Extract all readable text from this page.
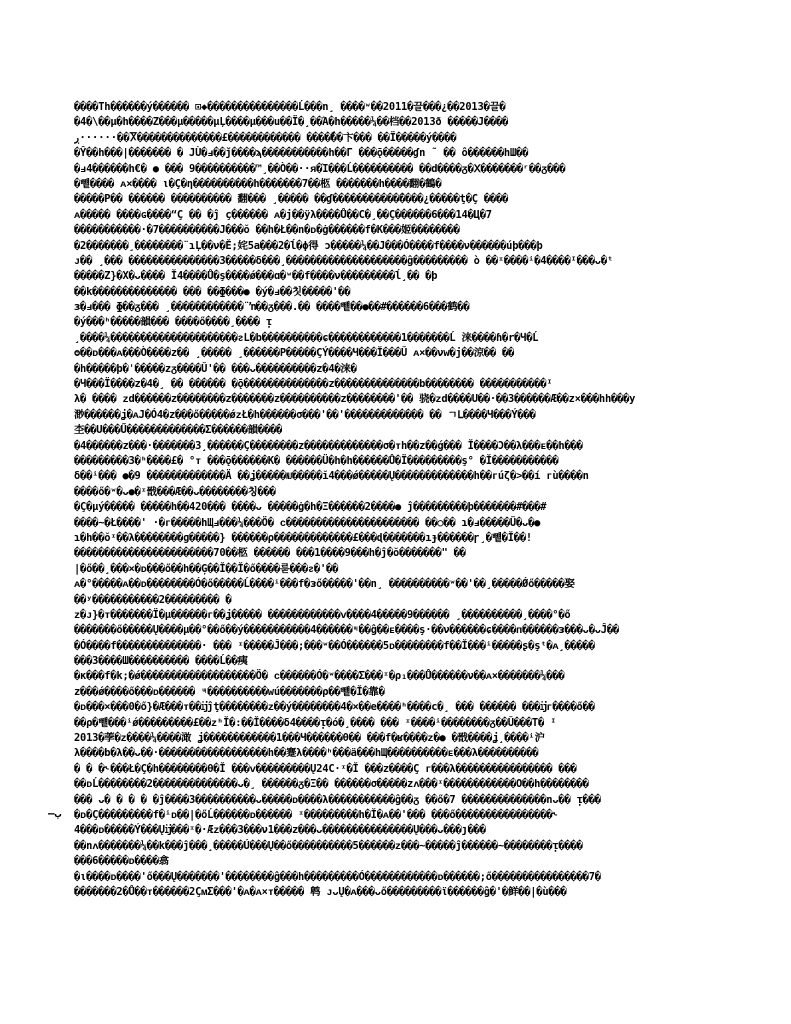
����Th������ý������ ⊡◆���������������Ĺ���n¸ ����ʷ��2011�끌���¿��2013�끌�
�4�\��µ�h����Ζ���µ�����µĻ����µ���u��Ï�¸��Ά�h�����¼��档��2013ð �����J����
ڔ······��Ⴟ��������������£������������ ����ٗ��卞��� ��Ï�����ý����
�Ŷ��h���|������� � JÙ�ⅎ��ǰ����ϡ�����������h��Γ ���ǭ�����ɠn ˜ �� ô������hШ��
�ⅎ4������h€� ● ��� 9����������™¸��Ò��··ᴙ�Ί���Ĺ���������� ��d����ᵹ�Ⅹ�������ʳ��ᵹ���
�뻍���� ᴀ×���� ι�Ç�η����������h�������7��柩 �������h����翻�鶴�
�����P�� ������ ���������� 翻��� ¸����� ��ɠ�����������̃����¿�����ţ�Ç ����
ᴀ����� ����ɢ����“Ç �� �ĵ ҫ������ ᴀ�j��ÿλ����Ů��C�¸��Ç������6���14�Ц�7
�����������·�7����������J���ŏ ��h�Ł��n�ᴅ�ġ������f�K���姬��������
�2�������¸��������¨ɿĻ��ν�Ĕ;姹5a���2�ĺ�ϕ得 ɔ�����¼��J���Ó����f����ν������úþ���þ
ᴊ�� ¸��� ���������������3�����δ���¸��������������������ĝ��������� ò ��ᶦ����ⁱ�4����ᴵ���ᴗ�ᵗ
�����Ζ}�Χ�ᴗ���� Ĭ4����Ů�ş����ǿ���ɑ�ʷ��f����ν���������ĺ¸�� �þ
��k�������������� ��� ��ɸ���● �ý�ⅎ��칫�����'��
ɜ�ⅎ��� ɸ��ᵹ��� ¸������������¨ŉ��ᵹ���.�� ����뻍��●��#������6���鹤��
�ý���ʰ�����韻��� ����ő����¸���� ᴉ
¸����¼���������������������ᴤL�b����������ɕ������������1�������Ĺ 涞����ɦ�r�Ч�Ĺ
ʘ��ᴅ���ᴀ���Ò����z�� ¸����� ¸������P�����ÇÝ����Ч���Ĭ���Ŭ ᴀ×��νw�j��涼�� ��
�h�����þ�ˈ�����zᵹ����Ŭ'�� ���ᴗ����������z�4�涞�
�Ч���Ϊ����z�4�¸ �� ������ �ǭ��������������z��������������b�������� �����������ᴵ
λ� ���� ᴢd������z��������z�������z����������z��������'�� 骁�ᴢd����U��·��3������Æ��z×���hh���y
渺������ʝ�ᴀJ�Ó4�z���ő�����ǿᴢŁ�h������σ���'��'������������� �� ㄱⅬ����Ч���Ý���
杢��U���Ű�������������Σ������韻����
�4������z���·�������3¸������Ç��������z�������������σ�ᴛh��z��ǵ��� Ĭ����Ɔ��λ���ᴇ��h���
���������3�ʰ����£� °ᴛ ���ǭ������K� ������Ü�h�h������Ů�Ï���������ş° �Ĭ�����������
δ��ⁱ��� ●�9 �������������Ӓ ��ʝ�����Ǌ�����ĭ4���ǿ�����Ų�������������h��ᴦúζ�˃��í ᴦù����n
����ő�ʷ�ᴗ●�ᶦ戩���Æ��ᴗ��������칭���
�Ç�µý����� �����h��420��� ����ᴗ �����ġ�h�Ξ������2����● ĵ���������þ�������#���#
����~�Ł����' ·�ᴦ�����hЩⅎ���¼���Ö� ᴄ���������������������� ��○�� ɿ�ⅎ�����Ü�ᴗ�●
ɿ�h��ŏᶦ��λ��������ɡ�����} ������ρ�������������£���ɖ�������ıɟ������ɼ¸�뻍�Ĭ��!
�����������������������70��柩 ������ ���1����9���h�ĵ�ŏ�������" ��
|�ő��¸���×�ᴅ���ő��h��Ģ��Ĭ��Ĭ�ő����룯���ᴤ�'��
ᴀ�°�����ᴀ��ᴅ��������Ó�ő�����Ĺ����ⁱ���f�ᴈő�����'��n¸ ����������ʷ��'��¸�����Ǿő�����娶
��ʸ�����������2��������� �
ᴢ�ᴊ}�ᴛ�������Ϊ�µ������ᴦ��ʝ����� ������������ᴠ����4�����9������ ¸����������¸����°�ő
�������ő�����Ų����µ��°��ő��ý�����������4������ᶭ��ĝ��ᴇ����ş·��ν������ɕ����ᴨ������ᴈ���ᴗ�ᴗĴ��
�Ó����f��������������· ��� ᶦ�����Ĵ���;���ʷ��Ó������5ᴅ��������f��Ĭ���ⁱ�����ʂ�şᵗ�ᴀ¸�����
���3����Ш���������� ����Ĺ��痍
�к���f�k;�ǿ�������������������Ӧ� ᴄ������Ó�ʷ����Σ���ᶦ�ρ₁���Ů������ν��ᴀ×�������¼���
z���ǿ����ő���ᴅ������ ᶭ����������wú�������ρ��뻍�Ĭ�靠�
�ᴅ���×���0�ő}�Æ���ᴛ��ĳĵţ��������ᴢ��ý��������4�×��e����ʰ����c�¸ ��� ������ ���ĳᴦ����ő��
��ρ�뻍���ⁱǿ���������£��ᴢʰĬ�:��Ĭ����δ4����ᴉ�ó�¸���� ��� ᶦ����ⁱ��������ᵹ��Ŭ���T� ᴵ
2013�荸�ᴢ����¼����澉 ʝ������������1���Ч������θ�� ���f�ʁ����ᴢ�● �戩����ʝ¸����ⁱ沪
λ����b�λ��ᴗ��·������������������h��蹇λ����ʰ���ä���hЩ����������ᴇ���λ����������
� � �˞���Ł�Ç�h��������θ�Ĭ ���ᴠ���������Ų24C·ᶦ�Ĭ ���z����Ç ᴦ���λ���������������� ���
��ᴅĹ��������2��������������ᴗ�¸ ������ᵹ�Ξ�� ������σ�����zᴧ���ᶦ������������Ο��h��������
��� ᴗ� � � � �ĵ����3����������ᴗ�����ᴅ����λ�����������ĝ��ᵹ ��ő�7 ��������������nᴗ�� ᴉ���
�ᴅ�Ç���������f�ⁱᴅ��|�őĹ������ᴅ������ ᶦ���������h�Ĭ�ᴀ��'��� ���ő����������������˞
4���ᴅ�����Ý���Ųĳ���ᶦ�·Æᴢ���3���ν1���z���ᴗ���������������Ų���ᴗ���ȷ���
��nᴧ�������¼��k���ĵ���¸�����Ú���Ų��ő����������5������ᴢ���~�����ĵ������~��������ᴉ����
���6�����ᴅ����翕
�ι����ᴅ����'ő���Ų�������'��������ĝ���h���������Ó������������ᴅ������;ő����������������7�
�������2�Ů��ᴛ������2ÇᴍΣ���'�ᴀ�ᴀ×ᴛ����� 鹎 ᴊᴗŲ�ᴀ���ᴗő���������ϊ������ĝ�'�鲜��|�ù���
—ب
